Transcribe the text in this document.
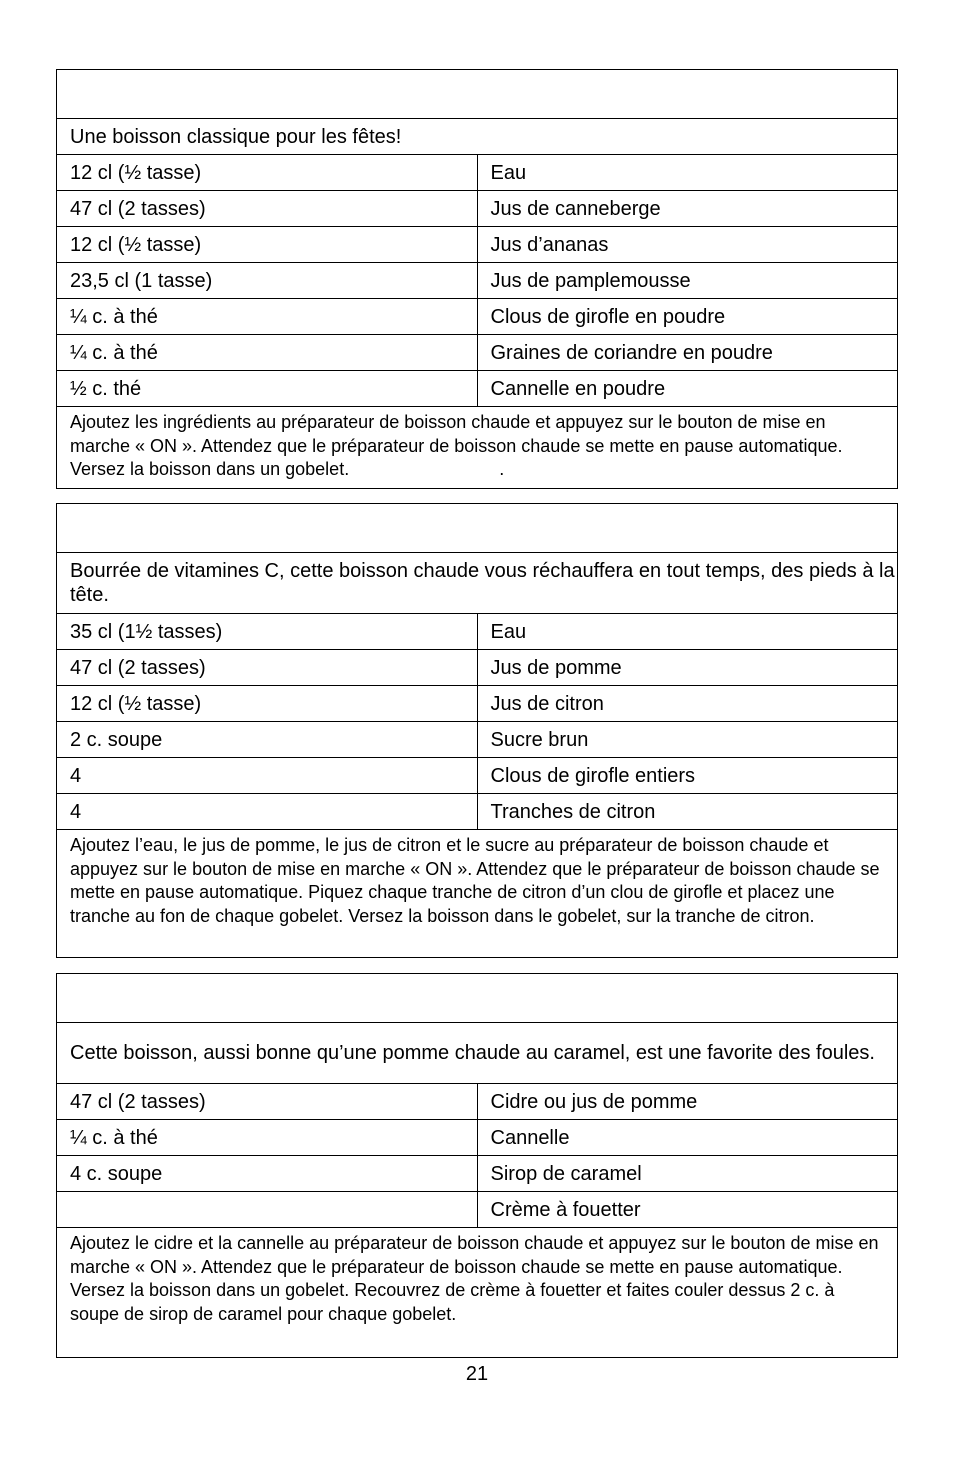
Une boisson classique pour les fêtes!	
12 cl (½ tasse)	Eau
47 cl (2 tasses)	Jus de canneberge
12 cl (½ tasse)	Jus d’ananas
23,5 cl (1 tasse)	Jus de pamplemousse
¼ c. à thé	Clous de girofle en poudre
¼ c. à thé	Graines de coriandre en poudre
½ c. thé	Cannelle en poudre
Ajoutez les ingrédients au préparateur de boisson chaude et appuyez sur le bouton de mise en marche « ON ». Attendez que le préparateur de boisson chaude se mette en pause automatique. Versez la boisson dans un gobelet.                              .	

Bourrée de vitamines C, cette boisson chaude vous réchauffera en tout temps, des pieds à la tête.	
35 cl (1½ tasses)	Eau
47 cl (2 tasses)	Jus de pomme
12 cl (½ tasse)	Jus de citron
2 c. soupe	Sucre brun
4	Clous de girofle entiers
4	Tranches de citron
Ajoutez l’eau, le jus de pomme, le jus de citron et le sucre au préparateur de boisson chaude et appuyez sur le bouton de mise en marche « ON ». Attendez que le préparateur de boisson chaude se mette en pause automatique. Piquez chaque tranche de citron d’un clou de girofle et placez une tranche au fon de chaque gobelet. Versez la boisson dans le gobelet, sur la tranche de citron.	

Cette boisson, aussi bonne qu’une pomme chaude au caramel, est une favorite des foules.	
47 cl (2 tasses)	Cidre ou jus de pomme
¼ c. à thé	Cannelle
4 c. soupe	Sirop de caramel
	Crème à fouetter
Ajoutez le cidre et la cannelle au préparateur de boisson chaude et appuyez sur le bouton de mise en marche « ON ». Attendez que le préparateur de boisson chaude se mette en pause automatique. Versez la boisson dans un gobelet. Recouvrez de crème à fouetter et faites couler dessus 2 c. à soupe de sirop de caramel pour chaque gobelet.	
21
